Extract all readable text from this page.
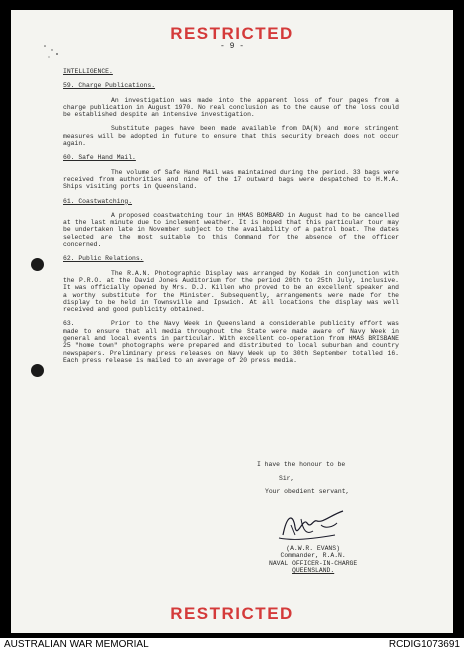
RESTRICTED
- 9 -
INTELLIGENCE.
59. Charge Publications.
An investigation was made into the apparent loss of four pages from a charge publication in August 1970. No real conclusion as to the cause of the loss could be established despite an intensive investigation.
Substitute pages have been made available from DA(N) and more stringent measures will be adopted in future to ensure that this security breach does not occur again.
60. Safe Hand Mail.
The volume of Safe Hand Mail was maintained during the period. 33 bags were received from authorities and nine of the 17 outward bags were despatched to H.M.A. Ships visiting ports in Queensland.
61. Coastwatching.
A proposed coastwatching tour in HMAS BOMBARD in August had to be cancelled at the last minute due to inclement weather. It is hoped that this particular tour may be undertaken late in November subject to the availability of a patrol boat. The dates selected are the most suitable to this Command for the absence of the officer concerned.
62. Public Relations.
The R.A.N. Photographic Display was arranged by Kodak in conjunction with the P.R.O. at the David Jones Auditorium for the period 20th to 25th July, inclusive. It was officially opened by Mrs. D.J. Killen who proved to be an excellent speaker and a worthy substitute for the Minister. Subsequently, arrangements were made for the display to be held in Townsville and Ipswich. At all locations the display was well received and good publicity obtained.
63.	Prior to the Navy Week in Queensland a considerable publicity effort was made to ensure that all media throughout the State were made aware of Navy Week in general and local events in particular. With excellent co-operation from HMAS BRISBANE 25 "home town" photographs were prepared and distributed to local suburban and country newspapers. Preliminary press releases on Navy Week up to 30th September totalled 16. Each press release is mailed to an average of 20 press media.
I have the honour to be
Sir,
Your obedient servant,
(A.W.R. EVANS)
Commander, R.A.N.
NAVAL OFFICER-IN-CHARGE
QUEENSLAND.
RESTRICTED
AUSTRALIAN WAR MEMORIAL	RCDIG1073691
